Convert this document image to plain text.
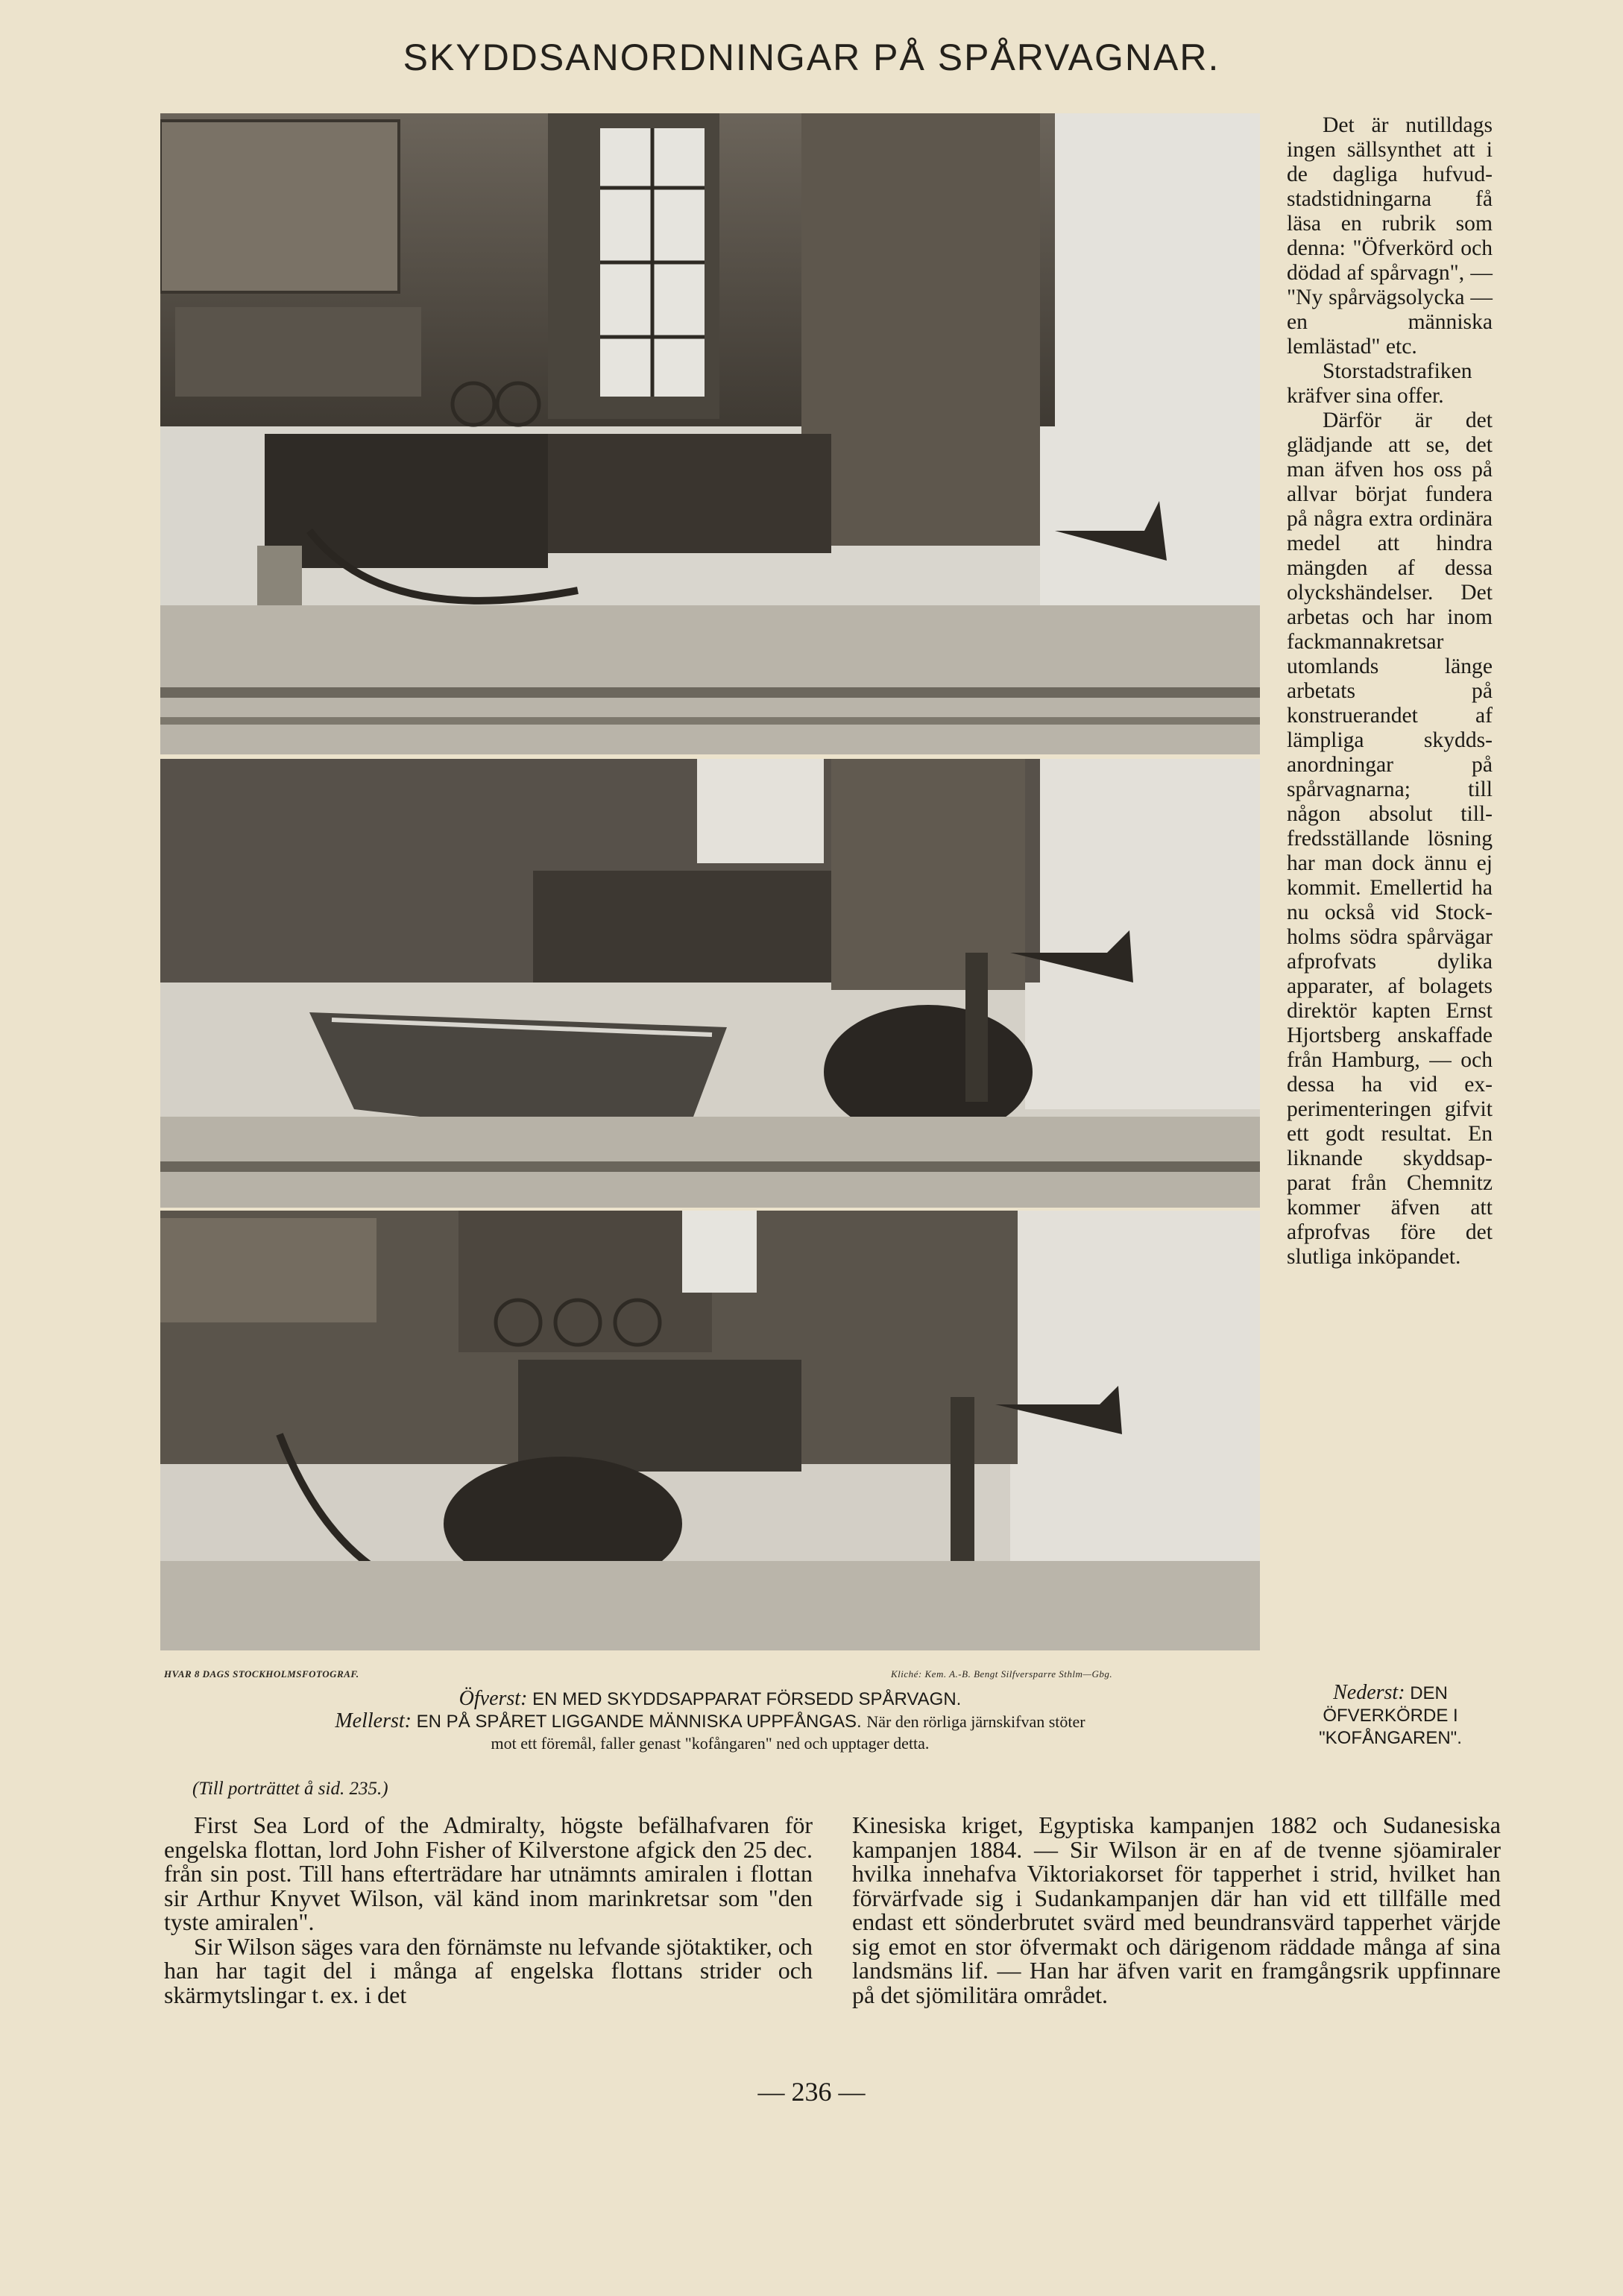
SKYDDSANORDNINGAR PÅ SPÅRVAGNAR.

Det är nutilldags ingen sällsynthet att i de dagliga hufvudstadstidningarna få läsa en rubrik som denna: "Öfverkörd och dödad af spårvagn", — "Ny spårvägsolycka — en människa lemlästad" etc.

Storstadstrafiken kräfver sina offer.

Därför är det glädjande att se, det man äfven hos oss på allvar börjat fundera på några extra ordinära medel att hindra mängden af dessa olyckshändelser. Det arbetas och har inom fackmannakretsar utomlands länge arbetats på konstruerandet af lämpliga skyddsanordningar på spårvagnarna; till någon absolut tillfredsställande lösning har man dock ännu ej kommit. Emellertid ha nu också vid Stockholms södra spårvägar afprofvats dylika apparater, af bolagets direktör kapten Ernst Hjortsberg anskaffade från Hamburg, — och dessa ha vid experimenteringen gifvit ett godt resultat. En liknande skyddsapparat från Chemnitz kommer äfven att afprofvas före det slutliga inköpandet.

HVAR 8 DAGS STOCKHOLMSFOTOGRAF.	Kliché: Kem. A.-B. Bengt Silfversparre Sthlm—Gbg.
Öfverst: EN MED SKYDDSAPPARAT FÖRSEDD SPÅRVAGN.
Mellerst: EN PÅ SPÅRET LIGGANDE MÄNNISKA UPPFÅNGAS. När den rörliga järnskifvan stöter
mot ett föremål, faller genast "kofångaren" ned och upptager detta.
Nederst: DEN
ÖFVERKÖRDE I
"KOFÅNGAREN".
(Till porträttet å sid. 235.)

First Sea Lord of the Admiralty, högste befälhafvaren för engelska flottan, lord John Fisher of Kilverstone afgick den 25 dec. från sin post. Till hans efterträdare har utnämnts amiralen i flottan sir Arthur Knyvet Wilson, väl känd inom marinkretsar som "den tyste amiralen".

Sir Wilson säges vara den förnämste nu lefvande sjötaktiker, och han har tagit del i många af engelska flottans strider och skärmytslingar t. ex. i det

Kinesiska kriget, Egyptiska kampanjen 1882 och Sudanesiska kampanjen 1884. — Sir Wilson är en af de tvenne sjöamiraler hvilka innehafva Viktoriakorset för tapperhet i strid, hvilket han förvärfvade sig i Sudankampanjen där han vid ett tillfälle med endast ett sönderbrutet svärd med beundransvärd tapperhet värjde sig emot en stor öfvermakt och därigenom räddade många af sina landsmäns lif. — Han har äfven varit en framgångsrik uppfinnare på det sjömilitära området.

— 236 —
